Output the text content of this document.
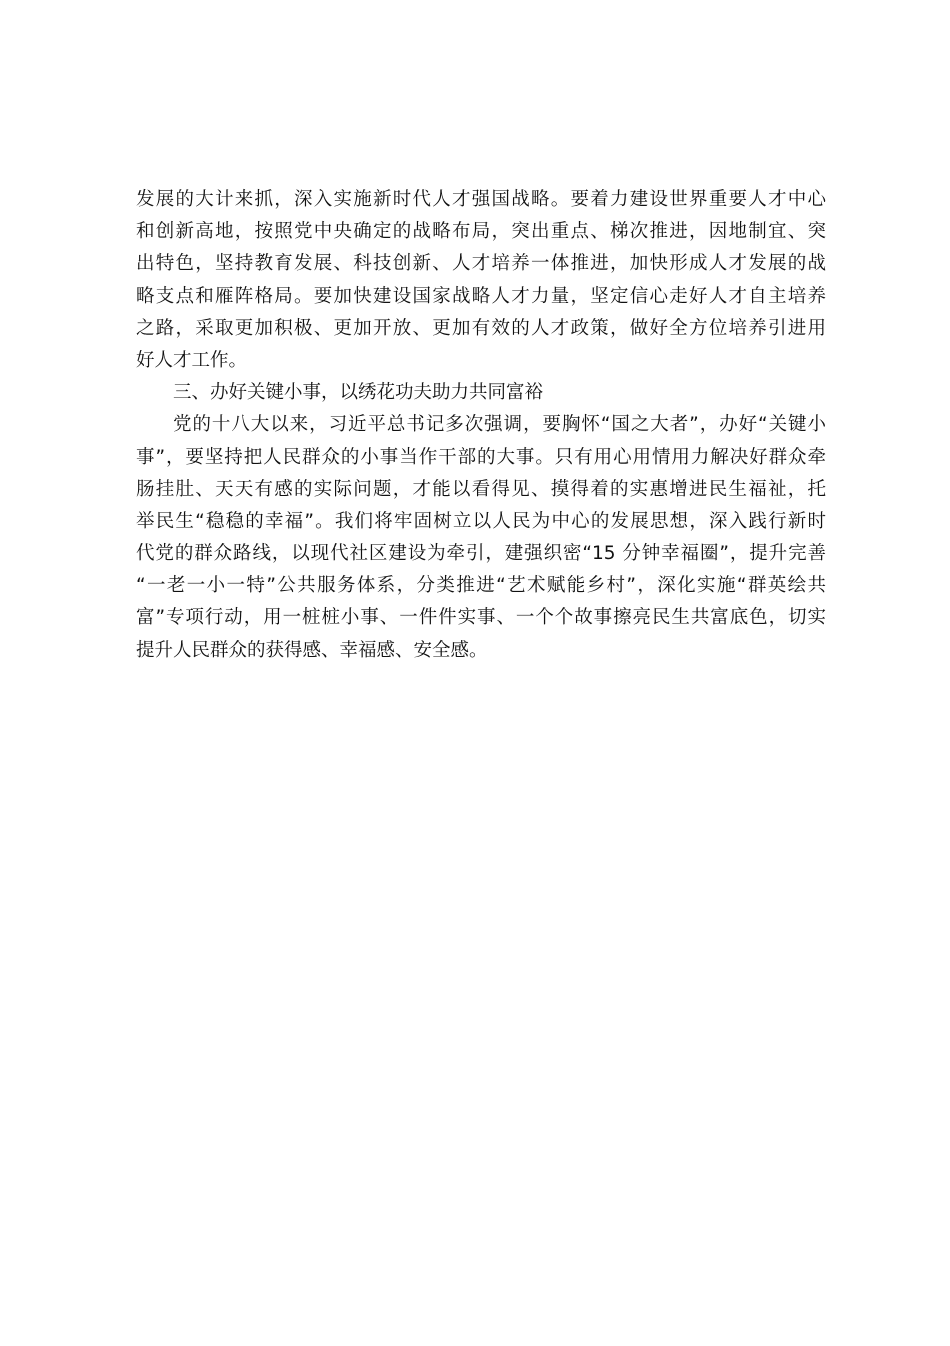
发展的大计来抓，深入实施新时代人才强国战略。要着力建设世界重要人才中心
和创新高地，按照党中央确定的战略布局，突出重点、梯次推进，因地制宜、突
出特色，坚持教育发展、科技创新、人才培养一体推进，加快形成人才发展的战
略支点和雁阵格局。要加快建设国家战略人才力量，坚定信心走好人才自主培养
之路，采取更加积极、更加开放、更加有效的人才政策，做好全方位培养引进用
好人才工作。
三、办好关键小事，以绣花功夫助力共同富裕
党的十八大以来，习近平总书记多次强调，要胸怀“国之大者”，办好“关键小
事”，要坚持把人民群众的小事当作干部的大事。只有用心用情用力解决好群众牵
肠挂肚、天天有感的实际问题，才能以看得见、摸得着的实惠增进民生福祉，托
举民生“稳稳的幸福”。我们将牢固树立以人民为中心的发展思想，深入践行新时
代党的群众路线，以现代社区建设为牵引，建强织密“15 分钟幸福圈”，提升完善
“一老一小一特”公共服务体系，分类推进“艺术赋能乡村”，深化实施“群英绘共
富”专项行动，用一桩桩小事、一件件实事、一个个故事擦亮民生共富底色，切实
提升人民群众的获得感、幸福感、安全感。
